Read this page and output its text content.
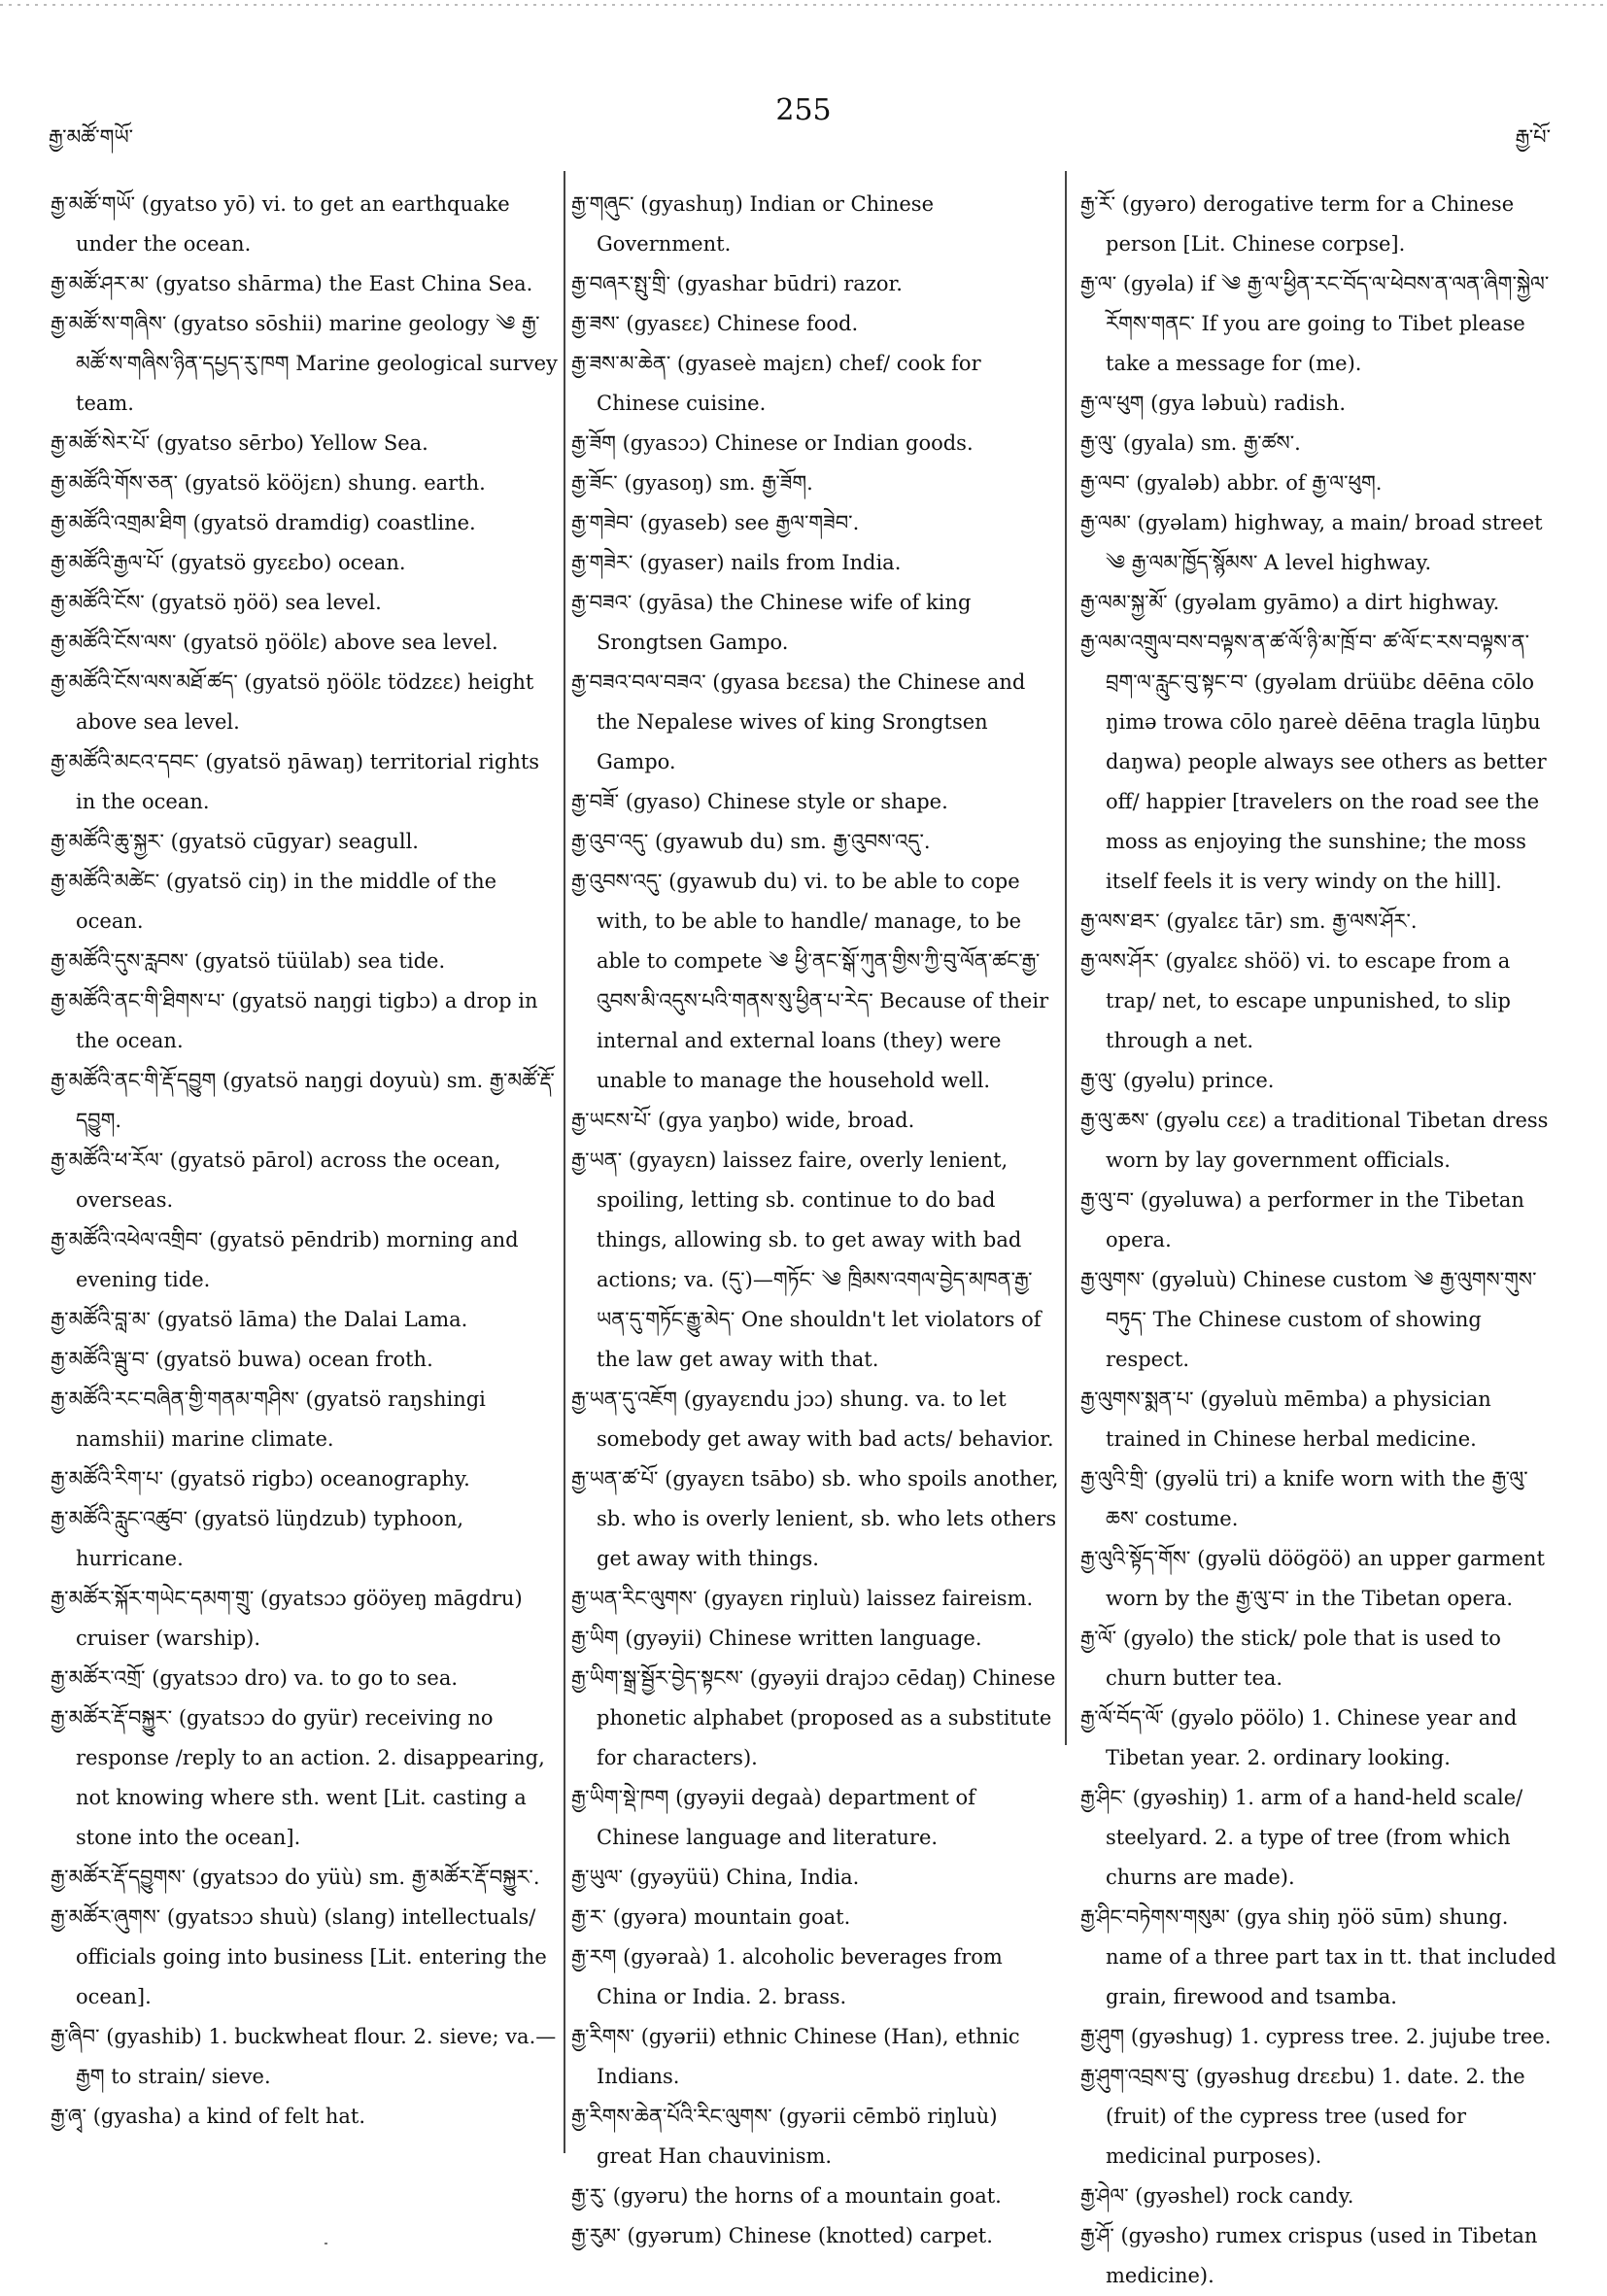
རྒྱ་མཚོ་གཡོ་
255
རྒྱ་པོ་

རྒྱ་མཚོ་གཡོ་ (gyatso yō) vi. to get an earthquake under the ocean.

རྒྱ་མཚོ་ཤར་མ་ (gyatso shārma) the East China Sea.

རྒྱ་མཚོ་ས་གཞིས་ (gyatso sōshii) marine geology ༄ རྒྱ་མཚོ་ས་གཞིས་ཉིན་དཔྱད་རུ་ཁག Marine geological survey team.

རྒྱ་མཚོ་སེར་པོ་ (gyatso sērbo) Yellow Sea.

རྒྱ་མཚོའི་གོས་ཅན་ (gyatsö kööjɛn) shung. earth.

རྒྱ་མཚོའི་འགྲམ་ཐིག (gyatsö dramdig) coastline.

རྒྱ་མཚོའི་རྒྱལ་པོ་ (gyatsö gyɛɛbo) ocean.

རྒྱ་མཚོའི་ངོས་ (gyatsö ŋöö) sea level.

རྒྱ་མཚོའི་ངོས་ལས་ (gyatsö ŋöölɛ) above sea level.

རྒྱ་མཚོའི་ངོས་ལས་མཐོ་ཚད་ (gyatsö ŋöölɛ tödzɛɛ) height above sea level.

རྒྱ་མཚོའི་མངའ་དབང་ (gyatsö ŋāwaŋ) territorial rights in the ocean.

རྒྱ་མཚོའི་ཆུ་སྐྱར་ (gyatsö cūgyar) seagull.

རྒྱ་མཚོའི་མཚེང་ (gyatsö ciŋ) in the middle of the ocean.

རྒྱ་མཚོའི་དུས་རླབས་ (gyatsö tüülab) sea tide.

རྒྱ་མཚོའི་ནང་གི་ཐིགས་པ་ (gyatsö naŋgi tigbɔ) a drop in the ocean.

རྒྱ་མཚོའི་ནང་གི་རྡོ་དབྱུག (gyatsö naŋgi doyuù) sm. རྒྱ་མཚོ་རྡོ་དབྱུག.

རྒྱ་མཚོའི་ཕ་རོལ་ (gyatsö pārol) across the ocean, overseas.

རྒྱ་མཚོའི་འཕེལ་འགྲིབ་ (gyatsö pēndrib) morning and evening tide.

རྒྱ་མཚོའི་བླ་མ་ (gyatsö lāma) the Dalai Lama.

རྒྱ་མཚོའི་ལྦུ་བ་ (gyatsö buwa) ocean froth.

རྒྱ་མཚོའི་རང་བཞིན་གྱི་གནམ་གཤིས་ (gyatsö raŋshingi namshii) marine climate.

རྒྱ་མཚོའི་རིག་པ་ (gyatsö rigbɔ) oceanography.

རྒྱ་མཚོའི་རླུང་འཚུབ་ (gyatsö lüŋdzub) typhoon, hurricane.

རྒྱ་མཚོར་སྐོར་གཡེང་དམག་གྲུ་ (gyatsɔɔ gööyeŋ māgdru) cruiser (warship).

རྒྱ་མཚོར་འགྲོ་ (gyatsɔɔ dro) va. to go to sea.

རྒྱ་མཚོར་རྡོ་བསྐྱུར་ (gyatsɔɔ do gyür) receiving no response /reply to an action. 2. disappearing, not knowing where sth. went [Lit. casting a stone into the ocean].

རྒྱ་མཚོར་རྡོ་དབྱུགས་ (gyatsɔɔ do yüù) sm. རྒྱ་མཚོར་རྡོ་བསྐྱུར་.

རྒྱ་མཚོར་ཞུགས་ (gyatsɔɔ shuù) (slang) intellectuals/ officials going into business [Lit. entering the ocean].

རྒྱ་ཞིབ་ (gyashib) 1. buckwheat flour. 2. sieve; va.—རྒྱག to strain/ sieve.

རྒྱ་ཞྭ་ (gyasha) a kind of felt hat.

རྒྱ་གཞུང་ (gyashuŋ) Indian or Chinese Government.

རྒྱ་བཞར་སྤུ་གྲི་ (gyashar būdri) razor.

རྒྱ་ཟས་ (gyasɛɛ) Chinese food.

རྒྱ་ཟས་མ་ཆེན་ (gyaseè majɛn) chef/ cook for Chinese cuisine.

རྒྱ་ཟོག (gyasɔɔ) Chinese or Indian goods.

རྒྱ་ཟོང་ (gyasoŋ) sm. རྒྱ་ཟོག.

རྒྱ་གཟེབ་ (gyaseb) see རྒྱལ་གཟེབ་.

རྒྱ་གཟེར་ (gyaser) nails from India.

རྒྱ་བཟའ་ (gyāsa) the Chinese wife of king Srongtsen Gampo.

རྒྱ་བཟའ་བལ་བཟའ་ (gyasa bɛɛsa) the Chinese and the Nepalese wives of king Srongtsen Gampo.

རྒྱ་བཟོ་ (gyaso) Chinese style or shape.

རྒྱ་འུབ་འདུ་ (gyawub du) sm. རྒྱ་འུབས་འདུ་.

རྒྱ་འུབས་འདུ་ (gyawub du) vi. to be able to cope with, to be able to handle/ manage, to be able to compete ༄ ཕྱི་ནང་སྒོ་ཀུན་གྱིས་ཀྱི་བུ་ལོན་ཚང་རྒྱ་འུབས་མི་འདུས་པའི་གནས་སུ་ཕྱིན་པ་རེད་ Because of their internal and external loans (they) were unable to manage the household well.

རྒྱ་ཡངས་པོ་ (gya yaŋbo) wide, broad.

རྒྱ་ཡན་ (gyayɛn) laissez faire, overly lenient, spoiling, letting sb. continue to do bad things, allowing sb. to get away with bad actions; va. (དུ་)—གཏོང་ ༄ ཁྲིམས་འགལ་བྱེད་མཁན་རྒྱ་ཡན་དུ་གཏོང་རྒྱུ་མེད་ One shouldn't let violators of the law get away with that.

རྒྱ་ཡན་དུ་འཇོག (gyayɛndu jɔɔ) shung. va. to let somebody get away with bad acts/ behavior.

རྒྱ་ཡན་ཚ་པོ་ (gyayɛn tsābo) sb. who spoils another, sb. who is overly lenient, sb. who lets others get away with things.

རྒྱ་ཡན་རིང་ལུགས་ (gyayɛn riŋluù) laissez faireism.

རྒྱ་ཡིག (gyəyii) Chinese written language.

རྒྱ་ཡིག་སྒྲ་སྦྱོར་བྱེད་སྟངས་ (gyəyii drajɔɔ cēdaŋ) Chinese phonetic alphabet (proposed as a substitute for characters).

རྒྱ་ཡིག་སྡེ་ཁག (gyəyii degaà) department of Chinese language and literature.

རྒྱ་ཡུལ་ (gyəyüü) China, India.

རྒྱ་ར་ (gyəra) mountain goat.

རྒྱ་རག (gyəraà) 1. alcoholic beverages from China or India. 2. brass.

རྒྱ་རིགས་ (gyərii) ethnic Chinese (Han), ethnic Indians.

རྒྱ་རིགས་ཆེན་པོའི་རིང་ལུགས་ (gyərii cēmbö riŋluù) great Han chauvinism.

རྒྱ་རུ་ (gyəru) the horns of a mountain goat.

རྒྱ་རུམ་ (gyərum) Chinese (knotted) carpet.

རྒྱ་རོ་ (gyəro) derogative term for a Chinese person [Lit. Chinese corpse].

རྒྱ་ལ་ (gyəla) if ༄ རྒྱ་ལ་ཕྱིན་རང་བོད་ལ་ཕེབས་ན་ལན་ཞིག་སྐྱེལ་རོགས་གནང་ If you are going to Tibet please take a message for (me).

རྒྱ་ལ་ཕུག (gya ləbuù) radish.

རྒྱ་ལུ་ (gyala) sm. རྒྱ་ཚས་.

རྒྱ་ལབ་ (gyaləb) abbr. of རྒྱ་ལ་ཕུག.

རྒྱ་ལམ་ (gyəlam) highway, a main/ broad street ༄ རྒྱ་ལམ་ཁྱོད་སྙོམས་ A level highway.

རྒྱ་ལམ་སྐྱ་མོ་ (gyəlam gyāmo) a dirt highway.

རྒྱ་ལམ་འགྲུལ་བས་བལྟས་ན་ཚ་ལོ་ཉི་མ་ཁྲོ་བ་ ཚ་ལོ་ང་རས་བལྟས་ན་བྲག་ལ་རླུང་བུ་སྟང་བ་ (gyəlam drüübɛ dēēna cōlo ŋimə trowa cōlo ŋareè dēēna tragla lūŋbu daŋwa) people always see others as better off/ happier [travelers on the road see the moss as enjoying the sunshine; the moss itself feels it is very windy on the hill].

རྒྱ་ལས་ཐར་ (gyalɛɛ tār) sm. རྒྱ་ལས་ཤོར་.

རྒྱ་ལས་ཤོར་ (gyalɛɛ shöö) vi. to escape from a trap/ net, to escape unpunished, to slip through a net.

རྒྱ་ལུ་ (gyəlu) prince.

རྒྱ་ལུ་ཆས་ (gyəlu cɛɛ) a traditional Tibetan dress worn by lay government officials.

རྒྱ་ལུ་བ་ (gyəluwa) a performer in the Tibetan opera.

རྒྱ་ལུགས་ (gyəluù) Chinese custom ༄ རྒྱ་ལུགས་གུས་བཏུད་ The Chinese custom of showing respect.

རྒྱ་ལུགས་སྨན་པ་ (gyəluù mēmba) a physician trained in Chinese herbal medicine.

རྒྱ་ལུའི་གྲི་ (gyəlü tri) a knife worn with the རྒྱ་ལུ་ཆས་ costume.

རྒྱ་ལུའི་སྟོད་གོས་ (gyəlü döögöö) an upper garment worn by the རྒྱ་ལུ་བ་ in the Tibetan opera.

རྒྱ་ལོ་ (gyəlo) the stick/ pole that is used to churn butter tea.

རྒྱ་ལོ་བོད་ལོ་ (gyəlo pöölo) 1. Chinese year and Tibetan year. 2. ordinary looking.

རྒྱ་ཤིང་ (gyəshiŋ) 1. arm of a hand-held scale/ steelyard. 2. a type of tree (from which churns are made).

རྒྱ་ཤིང་བཏེགས་གསུམ་ (gya shiŋ ŋöö sūm) shung. name of a three part tax in tt. that included grain, firewood and tsamba.

རྒྱ་ཤུག (gyəshug) 1. cypress tree. 2. jujube tree.

རྒྱ་ཤུག་འབྲས་བུ་ (gyəshug drɛɛbu) 1. date. 2. the (fruit) of the cypress tree (used for medicinal purposes).

རྒྱ་ཤེལ་ (gyəshel) rock candy.

རྒྱ་ཤོ་ (gyəsho) rumex crispus (used in Tibetan medicine).
